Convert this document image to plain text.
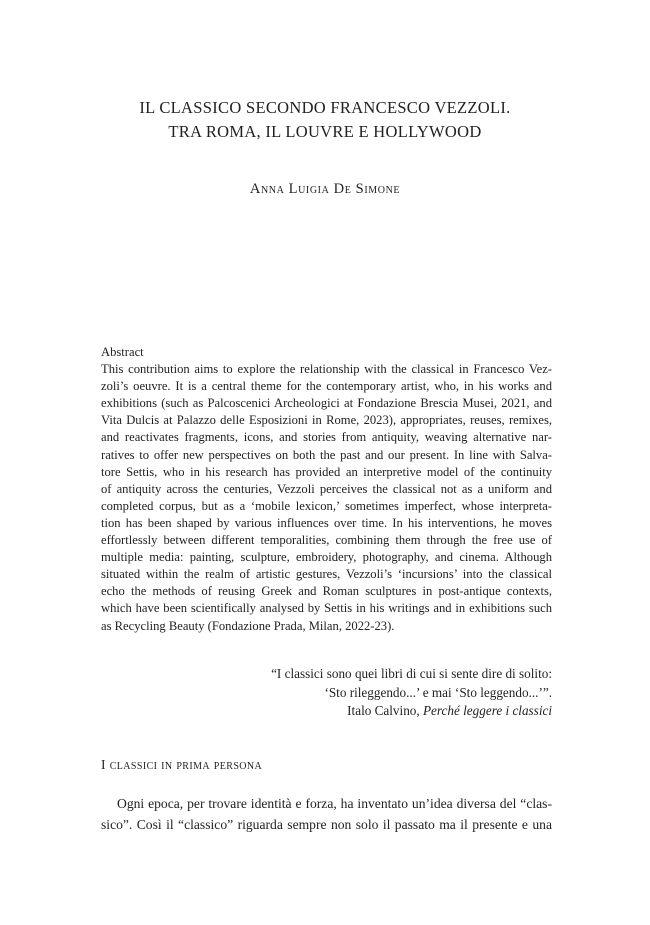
IL CLASSICO SECONDO FRANCESCO VEZZOLI.
TRA ROMA, IL LOUVRE E HOLLYWOOD
Anna Luigia De Simone
Abstract
This contribution aims to explore the relationship with the classical in Francesco Vez-
zoli’s oeuvre. It is a central theme for the contemporary artist, who, in his works and
exhibitions (such as Palcoscenici Archeologici at Fondazione Brescia Musei, 2021, and
Vita Dulcis at Palazzo delle Esposizioni in Rome, 2023), appropriates, reuses, remixes,
and reactivates fragments, icons, and stories from antiquity, weaving alternative nar-
ratives to offer new perspectives on both the past and our present. In line with Salva-
tore Settis, who in his research has provided an interpretive model of the continuity
of antiquity across the centuries, Vezzoli perceives the classical not as a uniform and
completed corpus, but as a ‘mobile lexicon,’ sometimes imperfect, whose interpreta-
tion has been shaped by various influences over time. In his interventions, he moves
effortlessly between different temporalities, combining them through the free use of
multiple media: painting, sculpture, embroidery, photography, and cinema. Although
situated within the realm of artistic gestures, Vezzoli’s ‘incursions’ into the classical
echo the methods of reusing Greek and Roman sculptures in post-antique contexts,
which have been scientifically analysed by Settis in his writings and in exhibitions such
as Recycling Beauty (Fondazione Prada, Milan, 2022-23).
“I classici sono quei libri di cui si sente dire di solito:
‘Sto rileggendo...’ e mai ‘Sto leggendo...’”.
Italo Calvino, Perché leggere i classici
I classici in prima persona
Ogni epoca, per trovare identità e forza, ha inventato un’idea diversa del “clas-
sico”. Così il “classico” riguarda sempre non solo il passato ma il presente e una
